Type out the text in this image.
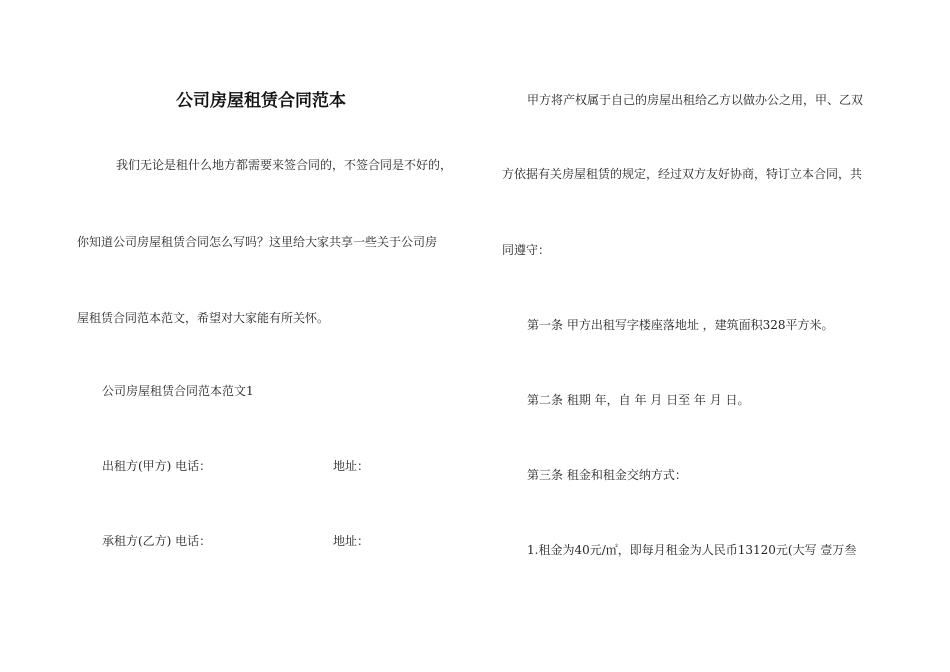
公司房屋租赁合同范本
我们无论是租什么地方都需要来签合同的，不签合同是不好的，
你知道公司房屋租赁合同怎么写吗？这里给大家共享一些关于公司房
屋租赁合同范本范文，希望对大家能有所关怀。
公司房屋租赁合同范本范文1
出租方(甲方) 电话：	地址：
承租方(乙方) 电话：	地址：
甲方将产权属于自己的房屋出租给乙方以做办公之用，甲、乙双
方依据有关房屋租赁的规定，经过双方友好协商，特订立本合同，共
同遵守：
第一条 甲方出租写字楼座落地址 ，建筑面积328平方米。
第二条 租期 年，自 年 月 日至 年 月 日。
第三条 租金和租金交纳方式：
1.租金为40元/㎡，即每月租金为人民币13120元(大写 壹万叁
